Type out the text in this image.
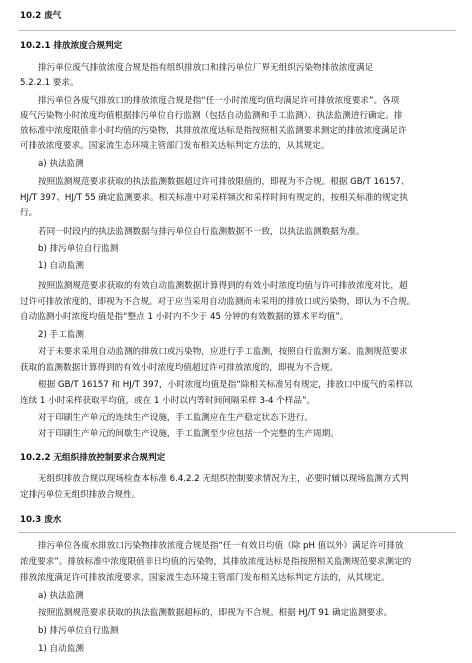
10.2 废气
10.2.1 排放浓度合规判定
排污单位废气排放浓度合规是指有组织排放口和排污单位厂界无组织污染物排放浓度满足
5.2.2.1 要求。
排污单位各废气排放口的排放浓度合规是指“任一小时浓度均值均满足许可排放浓度要求”。各项
废气污染物小时浓度均值根据排污单位自行监测（包括自动监测和手工监测）、执法监测进行确定。排
放标准中浓度限值非小时均值的污染物，其排放浓度达标是指按照相关监测要求测定的排放浓度满足许
可排放浓度要求。国家流生态环境主管部门发布相关达标判定方法的，从其规定。
a) 执法监测
按照监测规范要求获取的执法监测数据超过许可排放限值的，即视为不合规。根据 GB/T 16157、
HJ/T 397、HJ/T 55 确定监测要求。相关标准中对采样频次和采样时间有规定的，按相关标准的规定执
行。
若同一时段内的执法监测数据与排污单位自行监测数据不一致，以执法监测数据为准。
b) 排污单位自行监测
1) 自动监测
按照监测规范要求获取的有效自动监测数据计算得到的有效小时浓度均值与许可排放浓度对比，超
过许可排放浓度的，即视为不合规。对于应当采用自动监测而未采用的排放口或污染物，即认为不合规。
自动监测小时浓度均值是指“整点 1 小时内不少于 45 分钟的有效数据的算术平均值”。
2) 手工监测
对于未要求采用自动监测的排放口或污染物，应进行手工监测，按照自行监测方案、监测规范要求
获取的监测数据计算得到的有效小时浓度均值超过许可排放浓度的，即视为不合规。
根据 GB/T 16157 和 HJ/T 397，小时浓度均值是指“除相关标准另有规定，排放口中废气的采样以
连续 1 小时采样获取平均值，或在 1 小时以内等时间间隔采样 3-4 个样品”。
对于印刷生产单元的连续生产设施，手工监测应在生产稳定状态下进行。
对于印刷生产单元的间歇生产设施，手工监测至少应包括一个完整的生产周期。
10.2.2 无组织排放控制要求合规判定
无组织排放合规以现场检查本标准 6.4.2.2 无组织控制要求情况为主，必要时辅以现场监测方式判
定排污单位无组织排放合规性。
10.3 废水
排污单位各废水排放口污染物排放浓度合规是指“任一有效日均值（除 pH 值以外）满足许可排放
浓度要求”。排放标准中浓度限值非日均值的污染物，其排放浓度达标是指按照相关监测规范要求测定的
排放浓度满足许可排放浓度要求。国家流生态环境主管部门发布相关达标判定方法的，从其规定。
a) 执法监测
按照监测规范要求获取的执法监测数据超标的，即视为不合规。根据 HJ/T 91 确定监测要求。
b) 排污单位自行监测
1) 自动监测
